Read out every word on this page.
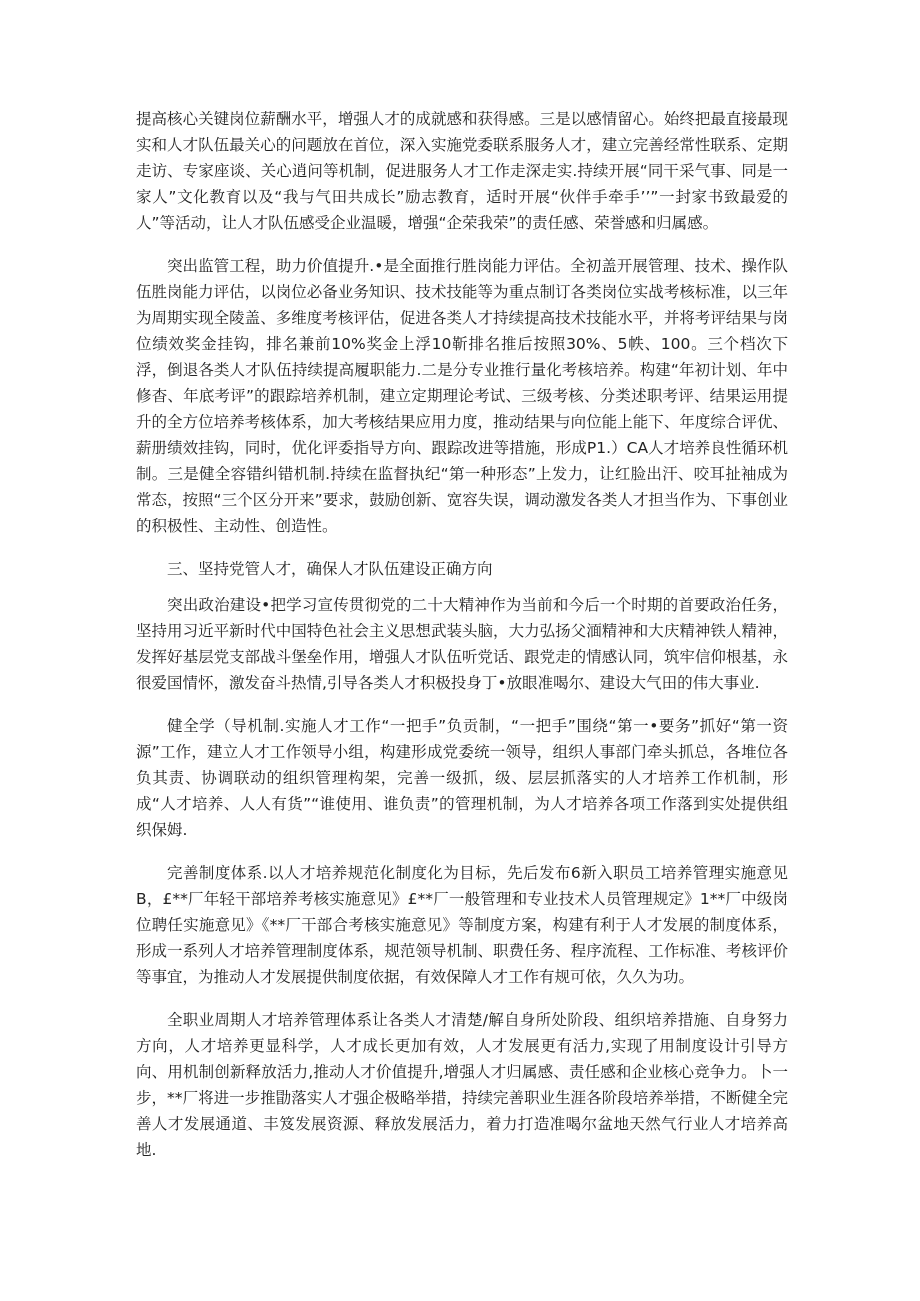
提高核心关键岗位薪酬水平，增强人才的成就感和获得感。三是以感情留心。始终把最直接最现实和人才队伍最关心的问题放在首位，深入实施党委联系服务人才，建立完善经常性联系、定期走访、专家座谈、关心逍问等机制，促进服务人才工作走深走实.持续开展“同干采气事、同是一家人”文化教育以及“我与气田共成长”励志教育，适时开展“伙伴手牵手’’”一封家书致最爱的人”等活动，让人才队伍感受企业温暖，增强“企荣我荣”的责任感、荣誉感和归属感。

突出监管工程，助力价值提升.•是全面推行胜岗能力评估。全初盖开展管理、技术、操作队伍胜岗能力评估，以岗位必备业务知识、技术技能等为重点制订各类岗位实战考核标准，以三年为周期实现全陵盖、多维度考核评估，促进各类人才持续提高技术技能水平，并将考评结果与岗位绩效奖金挂钩，排名兼前10%奖金上浮10靳排名推后按照30%、5帙、100。三个档次下浮，倒退各类人才队伍持续提高履职能力.二是分专业推行量化考核培养。构建“年初计划、年中修杳、年底考评”的跟踪培养机制，建立定期理论考试、三级考核、分类述职考评、结果运用提升的全方位培养考核体系，加大考核结果应用力度，推动结果与向位能上能下、年度综合评优、薪册绩效挂钩，同时，优化评委指导方向、跟踪改进等措施，形成P1.）CA人才培养良性循环机制。三是健全容错纠错机制.持续在监督执纪“第一种形态”上发力，让红脸出汗、咬耳扯袖成为常态，按照“三个区分开来”要求，鼓励创新、宽容失误，调动激发各类人才担当作为、下事创业的积极性、主动性、创造性。

三、坚持党管人才，确保人才队伍建设正确方向

突出政治建设•把学习宣传贯彻党的二十大精神作为当前和今后一个时期的首要政治任务，坚持用习近平新时代中国特色社会主义思想武装头脑，大力弘扬父湎精神和大庆精神铁人精神，发挥好基层党支部战斗堡垒作用，增强人才队伍听党话、跟党走的情感认同，筑牢信仰根基，永很爱国情怀，激发奋斗热情,引导各类人才积极投身丁•放眼准喝尔、建设大气田的伟大事业.

健全学（导机制.实施人才工作“一把手”负贡制，“一把手”围绕“第一•要务”抓好“第一资源”工作，建立人才工作领导小组，构建形成党委统一领导，组织人事部门牵头抓总，各堆位各负其责、协调联动的组织管理构架，完善一级抓，级、层层抓落实的人才培养工作机制，形成“人才培养、人人有货”“谁使用、谁负责”的管理机制，为人才培养各项工作落到实处提供组织保姆.

完善制度体系.以人才培养规范化制度化为目标，先后发布6新入职员工培养管理实施意见B，£**厂年轻干部培养考核实施意见》£**厂一般管理和专业技术人员管理规定》1**厂中级岗位聘任实施意见》《**厂干部合考核实施意见》等制度方案，构建有利于人才发展的制度体系，形成一系列人才培养管理制度体系，规范领导机制、职费任务、程序流程、工作标准、考核评价等事宜，为推动人才发展提供制度依据，有效保障人才工作有规可依，久久为功。

全职业周期人才培养管理体系让各类人才清楚/解自身所处阶段、组织培养措施、自身努力方向，人才培养更显科学，人才成长更加有效，人才发展更有活力,实现了用制度设计引导方向、用机制创新释放活力,推动人才价值提升,增强人才归属感、责任感和企业核心竞争力。卜一步，**厂将进一步推勖落实人才强企极略举措，持续完善职业生涯各阶段培养举措，不断健全完善人才发展通道、丰笈发展资源、释放发展活力，着力打造准喝尔盆地天然气行业人才培养高地.
